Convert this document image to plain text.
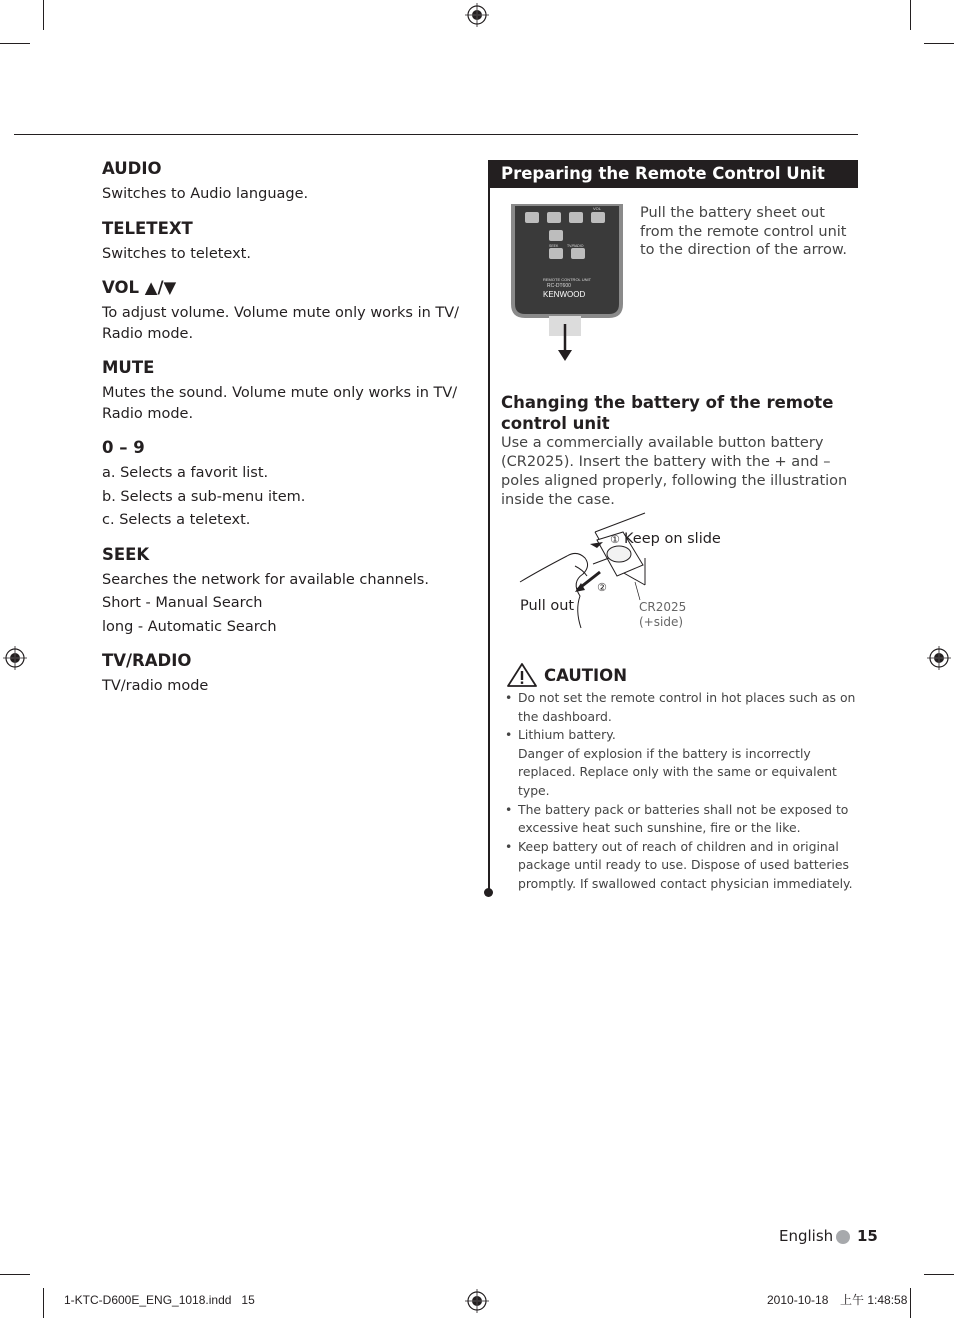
AUDIO

Switches to Audio language.

TELETEXT

Switches to teletext.

VOL ▲/▼

To adjust volume. Volume mute only works in TV/ Radio mode.

MUTE

Mutes the sound. Volume mute only works in TV/ Radio mode.

0 – 9

a. Selects a favorit list.

b. Selects a sub-menu item.

c. Selects a teletext.

SEEK

Searches the network for available channels.

Short - Manual Search

long - Automatic Search

TV/RADIO

TV/radio mode

Preparing the Remote Control Unit
VOL
SEEK TV/RADIO
REMOTE CONTROL UNIT
RC-DT600
KENWOOD
Pull the battery sheet out from the remote control unit to the direction of the arrow.
Changing the battery of the remote control unit
Use a commercially available button battery (CR2025). Insert the battery with the + and – poles aligned properly, following the illustration inside the case.
① Keep on slide
②
Pull out	CR2025
(+side)
CAUTION
• Do not set the remote control in hot places such as on the dashboard.
• Lithium battery.
Danger of explosion if the battery is incorrectly replaced. Replace only with the same or equivalent type.
• The battery pack or batteries shall not be exposed to excessive heat such sunshine, fire or the like.
• Keep battery out of reach of children and in original package until ready to use. Dispose of used batteries promptly. If swallowed contact physician immediately.
English 15
1-KTC-D600E_ENG_1018.indd   15	2010-10-18 上午 1:48:58
